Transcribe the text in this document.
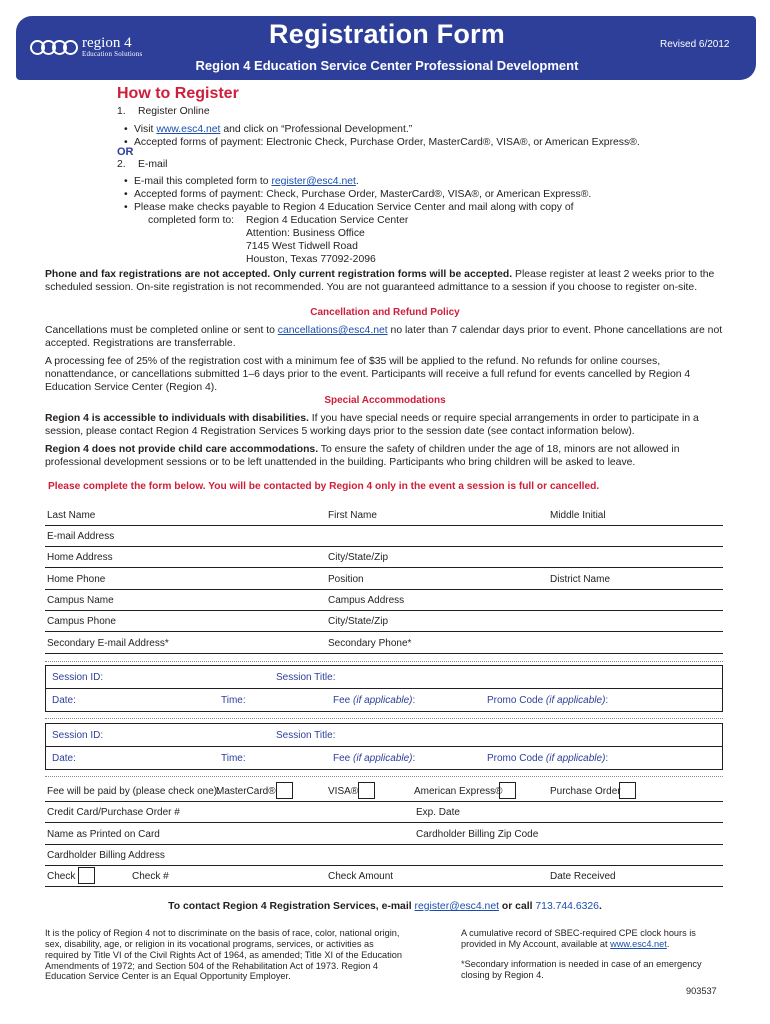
region 4
Education Solutions
Registration Form	Revised 6/2012
Region 4 Education Service Center Professional Development
How to Register
1. Register Online
• Visit www.esc4.net and click on “Professional Development.”
• Accepted forms of payment: Electronic Check, Purchase Order, MasterCard®, VISA®, or American Express®.
OR
2. E-mail
• E-mail this completed form to register@esc4.net.
• Accepted forms of payment: Check, Purchase Order, MasterCard®, VISA®, or American Express®.
• Please make checks payable to Region 4 Education Service Center and mail along with copy of
completed form to: Region 4 Education Service Center
Attention: Business Office
7145 West Tidwell Road
Houston, Texas 77092-2096
Phone and fax registrations are not accepted. Only current registration forms will be accepted. Please register at least 2 weeks prior to the scheduled session. On-site registration is not recommended. You are not guaranteed admittance to a session if you choose to register on-site.
Cancellation and Refund Policy
Cancellations must be completed online or sent to cancellations@esc4.net no later than 7 calendar days prior to event. Phone cancellations are not accepted. Registrations are transferrable.
A processing fee of 25% of the registration cost with a minimum fee of $35 will be applied to the refund. No refunds for online courses, nonattendance, or cancellations submitted 1–6 days prior to the event. Participants will receive a full refund for events cancelled by Region 4 Education Service Center (Region 4).
Special Accommodations
Region 4 is accessible to individuals with disabilities. If you have special needs or require special arrangements in order to participate in a session, please contact Region 4 Registration Services 5 working days prior to the session date (see contact information below).
Region 4 does not provide child care accommodations. To ensure the safety of children under the age of 18, minors are not allowed in professional development sessions or to be left unattended in the building. Participants who bring children will be asked to leave.
Please complete the form below. You will be contacted by Region 4 only in the event a session is full or cancelled.
Last Name	First Name	Middle Initial
E-mail Address
Home Address	City/State/Zip
Home Phone	Position	District Name
Campus Name	Campus Address
Campus Phone	City/State/Zip
Secondary E-mail Address*	Secondary Phone*
Session ID:	Session Title:
Date:	Time:	Fee (if applicable):	Promo Code (if applicable):
Session ID:	Session Title:
Date:	Time:	Fee (if applicable):	Promo Code (if applicable):
Fee will be paid by (please check one):
MasterCard®	VISA®	American Express®	Purchase Order
Credit Card/Purchase Order #	Exp. Date
Name as Printed on Card	Cardholder Billing Zip Code
Cardholder Billing Address
Check	Check #	Check Amount	Date Received
To contact Region 4 Registration Services, e-mail register@esc4.net or call 713.744.6326.
It is the policy of Region 4 not to discriminate on the basis of race, color, national origin, sex, disability, age, or religion in its vocational programs, services, or activities as required by Title VI of the Civil Rights Act of 1964, as amended; Title XI of the Education Amendments of 1972; and Section 504 of the Rehabilitation Act of 1973. Region 4 Education Service Center is an Equal Opportunity Employer.
A cumulative record of SBEC-required CPE clock hours is provided in My Account, available at www.esc4.net.
*Secondary information is needed in case of an emergency closing by Region 4.
903537
